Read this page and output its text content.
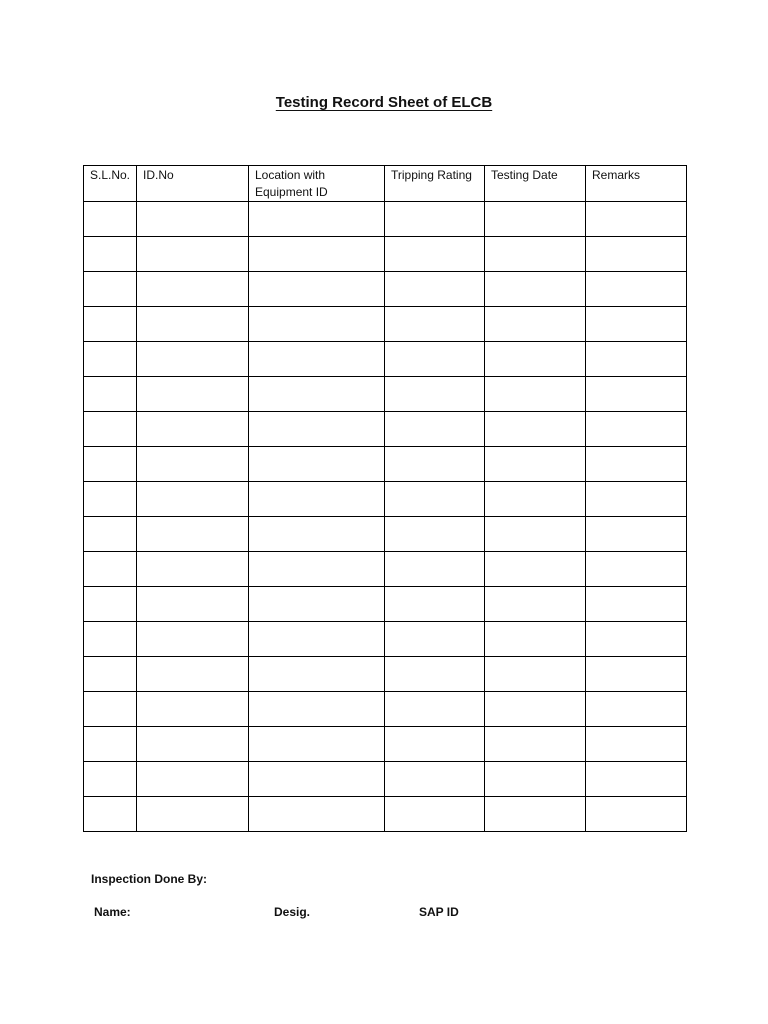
Testing Record Sheet of ELCB
S.L.No.	ID.No	Location with Equipment ID	Tripping Rating	Testing Date	Remarks

Inspection Done By:
Name:	Desig.	SAP ID
